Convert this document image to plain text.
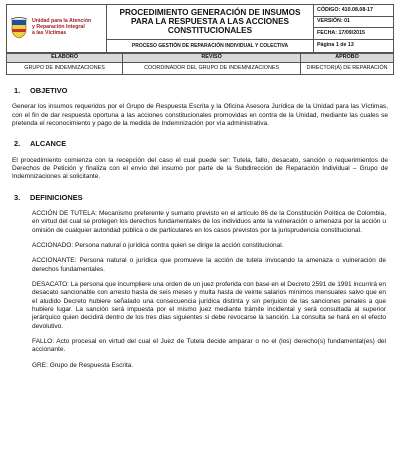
Unidad para la Atención
y Reparación Integral
a las Víctimas	PROCEDIMIENTO GENERACIÓN DE INSUMOS PARA LA RESPUESTA A LAS ACCIONES CONSTITUCIONALES	CÓDIGO: 410.08.08-17
		VERSIÓN: 01
		FECHA: 17/09/2015
	PROCESO GESTIÓN DE REPARACIÓN INDIVIDUAL Y COLECTIVA	Página 1 de 13
ELABORÓ	REVISÓ	APROBÓ
GRUPO DE INDEMNIZACIONES	COORDINADOR DEL GRUPO DE INDEMNIZACIONES	DIRECTOR(A) DE REPARACIÓN
1. OBJETIVO

Generar los insumos requeridos por el Grupo de Respuesta Escrita y la Oficina Asesora Jurídica de la Unidad para las Víctimas, con el fin de dar respuesta oportuna a las acciones constitucionales promovidas en contra de la Unidad, mediante las cuales se pretenda el reconocimiento y pago de la medida de Indemnización por vía administrativa.

2. ALCANCE

El procedimiento comienza con la recepción del caso el cual puede ser: Tutela, fallo, desacato, sanción o requerimientos de Derechos de Petición y finaliza con el envío del insumo por parte de la Subdirección de Reparación Individual – Grupo de Indemnizaciones al solicitante.

3. DEFINICIONES

ACCIÓN DE TUTELA: Mecanismo preferente y sumario previsto en el artículo 86 de la Constitución Política de Colombia, en virtud del cual se protegen los derechos fundamentales de los individuos ante la vulneración o amenaza por la acción u omisión de cualquier autoridad pública o de particulares en los casos previstos por la jurisprudencia constitucional.

ACCIONADO: Persona natural o jurídica contra quien se dirige la acción constitucional.

ACCIONANTE: Persona natural o jurídica que promueve la acción de tutela invocando la amenaza o vulneración de derechos fundamentales.

DESACATO: La persona que incumpliere una orden de un juez proferida con base en el Decreto 2591 de 1991 incurrirá en desacato sancionable con arresto hasta de seis meses y multa hasta de veinte salarios mínimos mensuales salvo que en el aludido Decreto hubiere señalado una consecuencia jurídica distinta y sin perjuicio de las sanciones penales a que hubiere lugar. La sanción será impuesta por el mismo juez mediante trámite incidental y será consultada al superior jerárquico quien decidirá dentro de los tres días siguientes si debe revocarse la sanción. La consulta se hará en el efecto devolutivo.

FALLO: Acto procesal en virtud del cual el Juez de Tutela decide amparar o no el (los) derecho(s) fundamental(es) del accionante.

GRE: Grupo de Respuesta Escrita.
